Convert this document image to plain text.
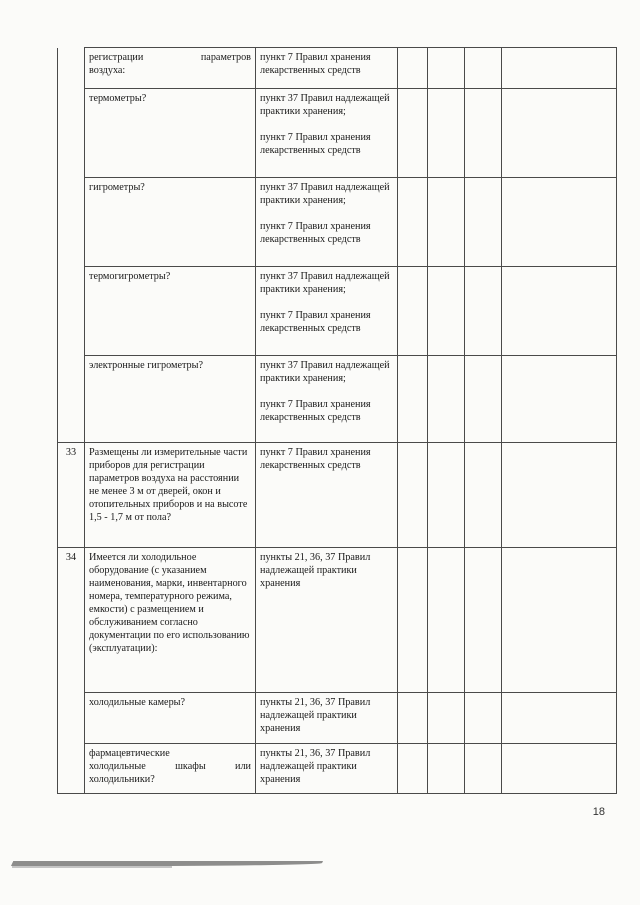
	регистрации параметров
воздуха:	пункт 7 Правил хранения лекарственных средств				

	термометры?	пункт 37 Правил надлежащей практики хранения;

пункт 7 Правил хранения лекарственных средств				

	гигрометры?	пункт 37 Правил надлежащей практики хранения;

пункт 7 Правил хранения лекарственных средств				

	термогигрометры?	пункт 37 Правил надлежащей практики хранения;

пункт 7 Правил хранения лекарственных средств				

	электронные гигрометры?	пункт 37 Правил надлежащей практики хранения;

пункт 7 Правил хранения лекарственных средств				

33	Размещены ли измерительные части приборов для регистрации параметров воздуха на расстоянии не менее 3 м от дверей, окон и отопительных приборов и на высоте 1,5 - 1,7 м от пола?	пункт 7 Правил хранения лекарственных средств				

34	Имеется ли холодильное оборудование (с указанием наименования, марки, инвентарного номера, температурного режима, емкости) с размещением и обслуживанием согласно документации по его использованию (эксплуатации):	пункты 21, 36, 37 Правил надлежащей практики хранения				

	холодильные камеры?	пункты 21, 36, 37 Правил надлежащей практики хранения				

	фармацевтические

холодильные шкафы или
холодильники?	пункты 21, 36, 37 Правил надлежащей практики хранения				

18
